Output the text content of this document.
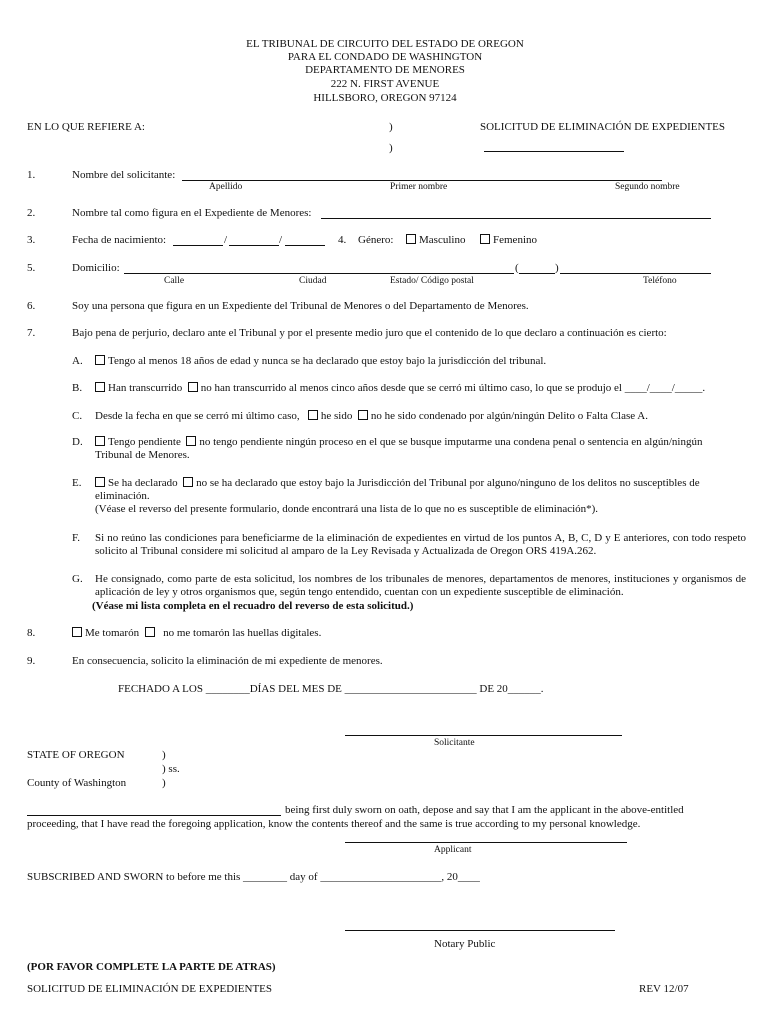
EL TRIBUNAL DE CIRCUITO DEL ESTADO DE OREGON
PARA EL CONDADO DE WASHINGTON
DEPARTAMENTO DE MENORES
222 N. FIRST AVENUE
HILLSBORO, OREGON 97124
EN LO QUE REFIERE A:	)
)
SOLICITUD DE ELIMINACIÓN DE EXPEDIENTES
1.	Nombre del solicitante:
Apellido	Primer nombre	Segundo nombre
2.	Nombre tal como figura en el Expediente de Menores:
3.	Fecha de nacimiento:	/	/	4. Género:	Masculino	Femenino
5.	Domicilio:	(	)
Calle	Ciudad	Estado/ Código postal	Teléfono
6.	Soy una persona que figura en un Expediente del Tribunal de Menores o del Departamento de Menores.
7.	Bajo pena de perjurio, declaro ante el Tribunal y por el presente medio juro que el contenido de lo que declaro a continuación es cierto:
A.	Tengo al menos 18 años de edad y nunca se ha declarado que estoy bajo la jurisdicción del tribunal.
B.	Han transcurrido no han transcurrido al menos cinco años desde que se cerró mi último caso, lo que se produjo el ____/____/_____.
C. Desde la fecha en que se cerró mi último caso, he sido no he sido condenado por algún/ningún Delito o Falta Clase A.
D.	Tengo pendiente no tengo pendiente ningún proceso en el que se busque imputarme una condena penal o sentencia en algún/ningún
Tribunal de Menores.
E.	Se ha declarado no se ha declarado que estoy bajo la Jurisdicción del Tribunal por alguno/ninguno de los delitos no susceptibles de
eliminación.
(Véase el reverso del presente formulario, donde encontrará una lista de lo que no es susceptible de eliminación*).
F. Si no reúno las condiciones para beneficiarme de la eliminación de expedientes en virtud de los puntos A, B, C, D y E anteriores, con todo respeto solicito al Tribunal considere mi solicitud al amparo de la Ley Revisada y Actualizada de Oregon ORS 419A.262.
G. He consignado, como parte de esta solicitud, los nombres de los tribunales de menores, departamentos de menores, instituciones y organismos de aplicación de ley y otros organismos que, según tengo entendido, cuentan con un expediente susceptible de eliminación.
(Véase mi lista completa en el recuadro del reverso de esta solicitud.)
8.	Me tomarón no me tomarón las huellas digitales.
9.	En consecuencia, solicito la eliminación de mi expediente de menores.
FECHADO A LOS ________DÍAS DEL MES DE ________________________ DE 20______.
Solicitante
STATE OF OREGON	)
) ss.
)
County of Washington
being first duly sworn on oath, depose and say that I am the applicant in the above-entitled
proceeding, that I have read the foregoing application, know the contents thereof and the same is true according to my personal knowledge.
Applicant
SUBSCRIBED AND SWORN to before me this ________ day of ______________________, 20____
Notary Public
(POR FAVOR COMPLETE LA PARTE DE ATRAS)
SOLICITUD DE ELIMINACIÓN DE EXPEDIENTES	REV 12/07
